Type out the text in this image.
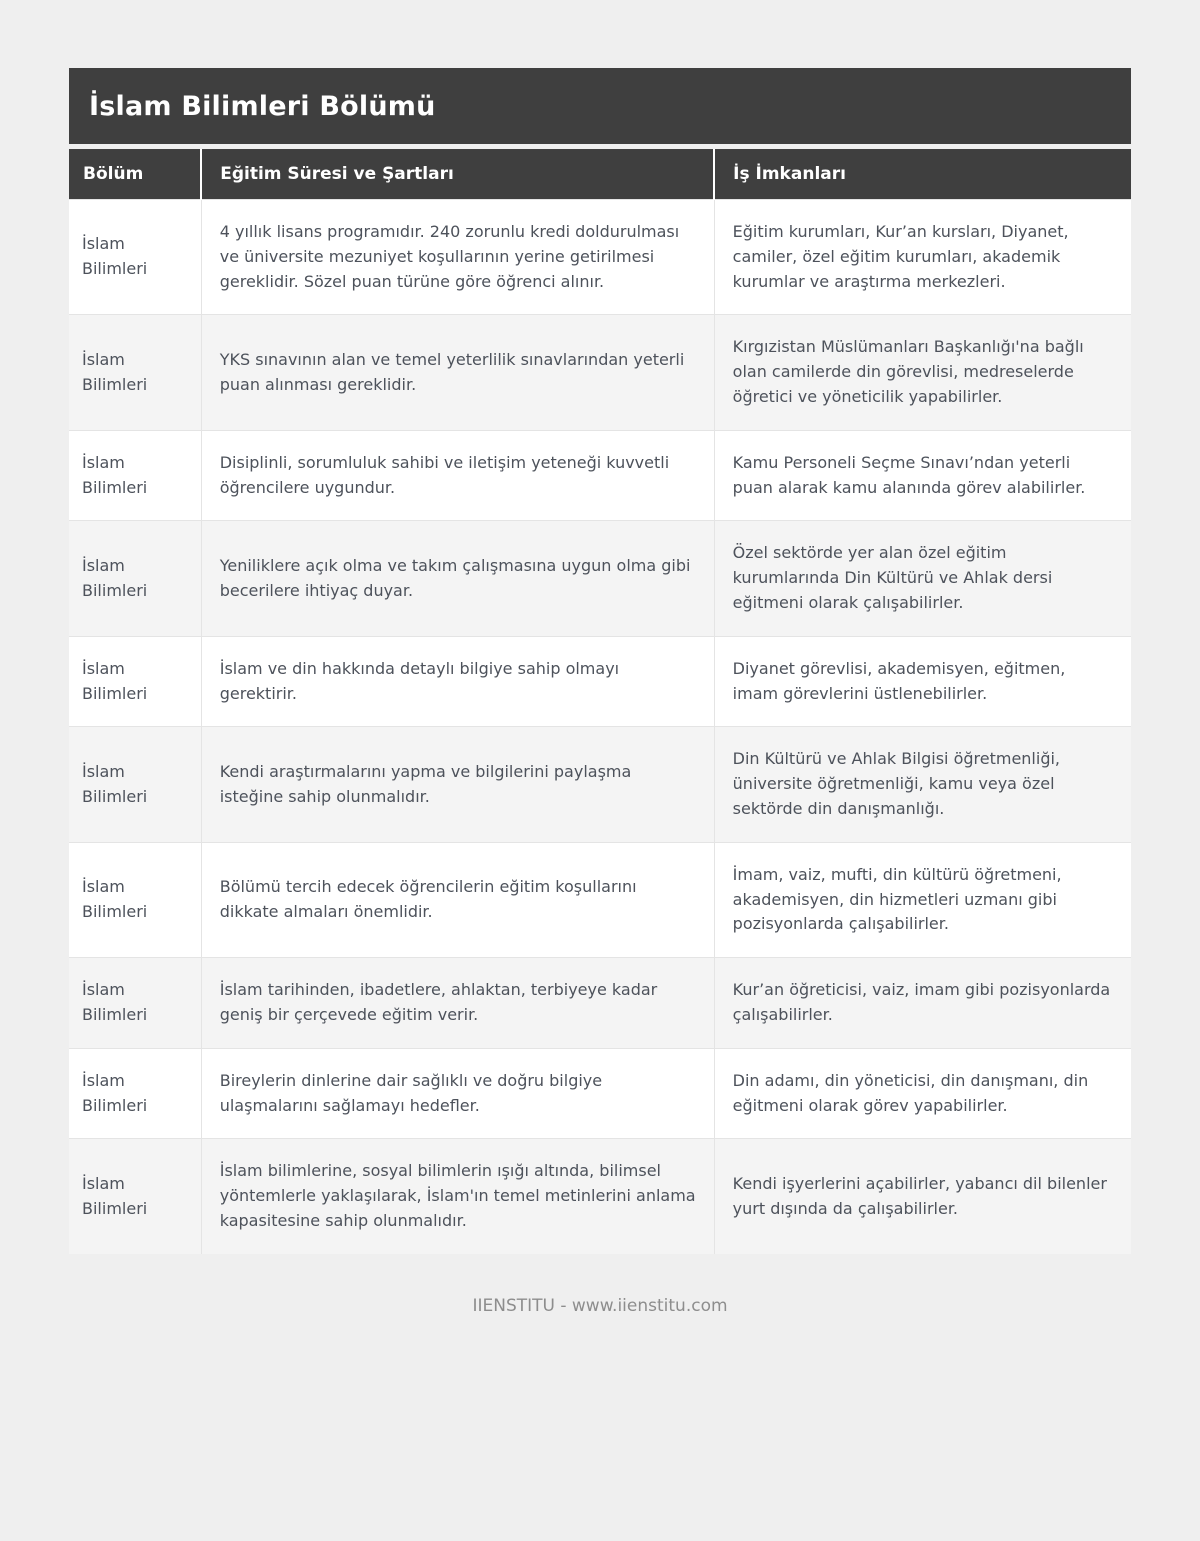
İslam Bilimleri Bölümü
Bölüm	Eğitim Süresi ve Şartları	İş İmkanları
İslam Bilimleri	4 yıllık lisans programıdır. 240 zorunlu kredi doldurulması ve üniversite mezuniyet koşullarının yerine getirilmesi gereklidir. Sözel puan türüne göre öğrenci alınır.	Eğitim kurumları, Kur’an kursları, Diyanet, camiler, özel eğitim kurumları, akademik kurumlar ve araştırma merkezleri.
İslam Bilimleri	YKS sınavının alan ve temel yeterlilik sınavlarından yeterli puan alınması gereklidir.	Kırgızistan Müslümanları Başkanlığı'na bağlı olan camilerde din görevlisi, medreselerde öğretici ve yöneticilik yapabilirler.
İslam Bilimleri	Disiplinli, sorumluluk sahibi ve iletişim yeteneği kuvvetli öğrencilere uygundur.	Kamu Personeli Seçme Sınavı’ndan yeterli puan alarak kamu alanında görev alabilirler.
İslam Bilimleri	Yeniliklere açık olma ve takım çalışmasına uygun olma gibi becerilere ihtiyaç duyar.	Özel sektörde yer alan özel eğitim kurumlarında Din Kültürü ve Ahlak dersi eğitmeni olarak çalışabilirler.
İslam Bilimleri	İslam ve din hakkında detaylı bilgiye sahip olmayı gerektirir.	Diyanet görevlisi, akademisyen, eğitmen, imam görevlerini üstlenebilirler.
İslam Bilimleri	Kendi araştırmalarını yapma ve bilgilerini paylaşma isteğine sahip olunmalıdır.	Din Kültürü ve Ahlak Bilgisi öğretmenliği, üniversite öğretmenliği, kamu veya özel sektörde din danışmanlığı.
İslam Bilimleri	Bölümü tercih edecek öğrencilerin eğitim koşullarını dikkate almaları önemlidir.	İmam, vaiz, mufti, din kültürü öğretmeni, akademisyen, din hizmetleri uzmanı gibi pozisyonlarda çalışabilirler.
İslam Bilimleri	İslam tarihinden, ibadetlere, ahlaktan, terbiyeye kadar geniş bir çerçevede eğitim verir.	Kur’an öğreticisi, vaiz, imam gibi pozisyonlarda çalışabilirler.
İslam Bilimleri	Bireylerin dinlerine dair sağlıklı ve doğru bilgiye ulaşmalarını sağlamayı hedefler.	Din adamı, din yöneticisi, din danışmanı, din eğitmeni olarak görev yapabilirler.
İslam Bilimleri	İslam bilimlerine, sosyal bilimlerin ışığı altında, bilimsel yöntemlerle yaklaşılarak, İslam'ın temel metinlerini anlama kapasitesine sahip olunmalıdır.	Kendi işyerlerini açabilirler, yabancı dil bilenler yurt dışında da çalışabilirler.
IIENSTITU - www.iienstitu.com
